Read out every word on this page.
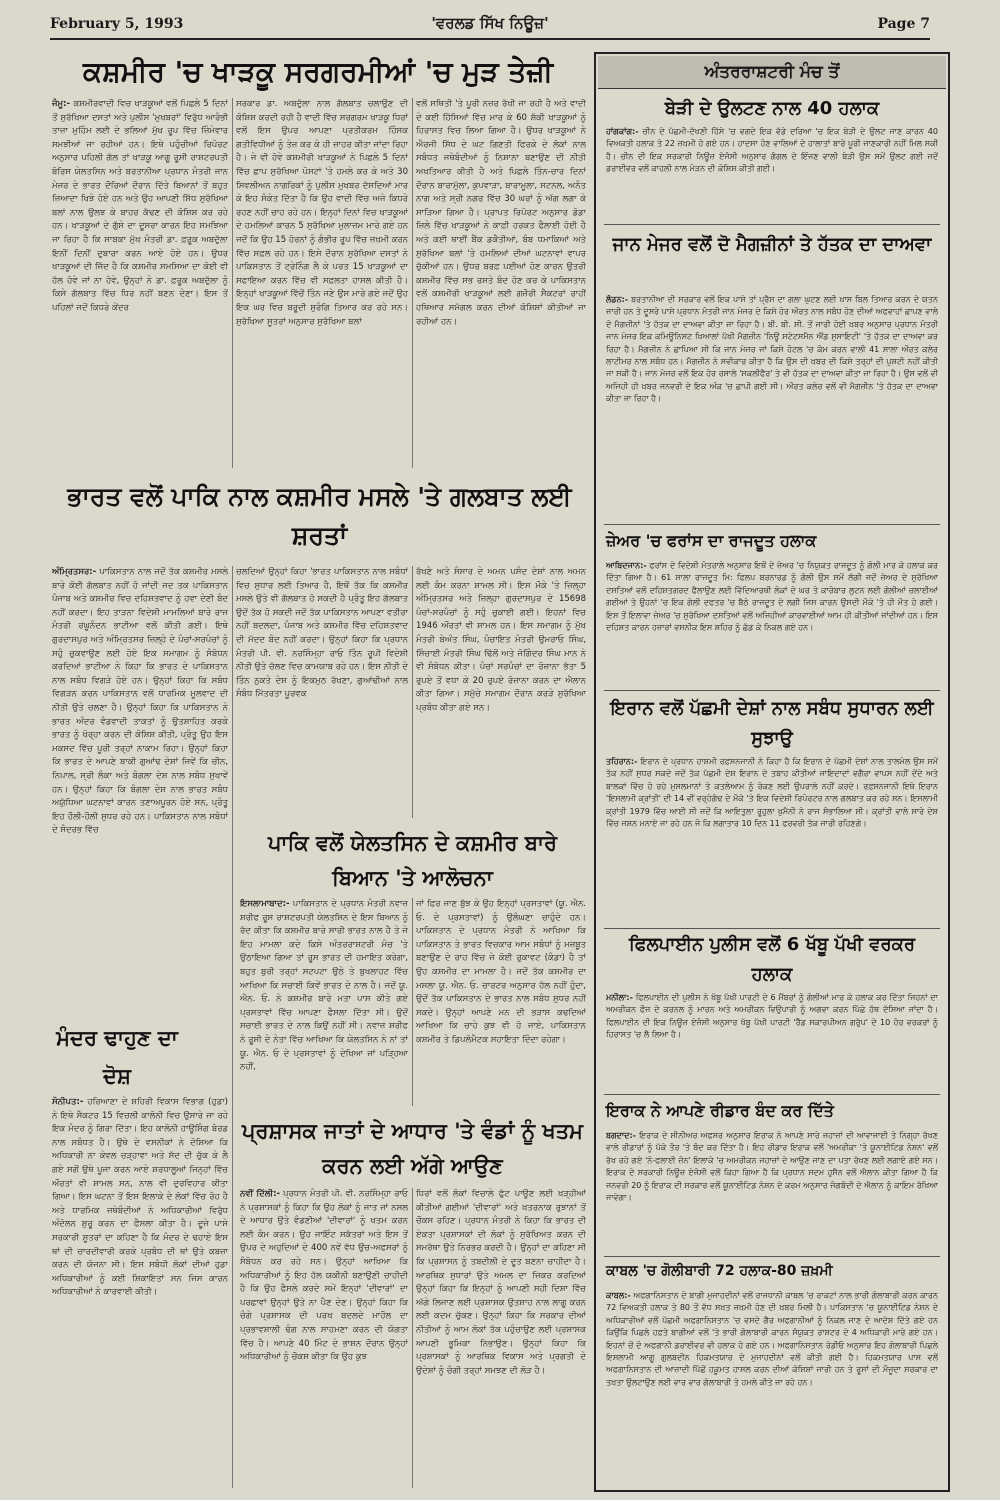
February 5, 1993	'ਵਰਲਡ ਸਿੱਖ ਨਿਊਜ਼'	Page 7
ਕਸ਼ਮੀਰ 'ਚ ਖਾੜਕੂ ਸਰਗਰਮੀਆਂ 'ਚ ਮੁੜ ਤੇਜ਼ੀ

ਜੰਮੂ:- ਕਸ਼ਮੀਰਵਾਦੀ ਵਿਚ ਖਾੜਕੂਆਂ ਵਲੋਂ ਪਿਛਲੇ 5 ਦਿਨਾਂ ਤੋਂ ਸੁਰੱਖਿਆ ਦਸਤਾਂ ਅਤੇ ਪੁਲੀਸ 'ਮੁਖਬਰਾਂ' ਵਿਰੁੱਧ ਆਰੰਭੀ ਤਾਜ਼ਾ ਮੁਹਿੰਮ ਲਈ ਦੇ ਭਲਿਆਂ ਮੁੱਖ ਰੂਪ ਵਿੱਚ ਜ਼ਿੰਮੇਵਾਰ ਸਮਝੀਆਂ ਜਾ ਰਹੀਆਂ ਹਨ। ਇਥੇ ਪਹੁੰਚੀਆਂ ਰਿਪੋਰਟ ਅਨੁਸਾਰ ਪਹਿਲੀ ਗੱਲ ਤਾਂ ਖਾੜਕੂ ਆਗੂ ਰੂਸੀ ਰਾਸ਼ਟਰਪਤੀ ਬੋਰਿਸ ਯੇਲਤਸਿਨ ਅਤੇ ਬਰਤਾਨੀਆ ਪ੍ਰਧਾਨ ਮੰਤਰੀ ਜਾਨ ਮੇਜਰ ਦੇ ਭਾਰਤ ਦੌਰਿਆਂ ਦੌਰਾਨ ਦਿੱਤੇ ਬਿਆਨਾਂ ਤੋਂ ਬਹੁਤ ਜ਼ਿਆਦਾ ਖਿਝੇ ਹੋਏ ਹਨ ਅਤੇ ਉਹ ਆਪਣੀ ਸਿੱਧ ਸੁਰੱਖਿਆ ਬਲਾਂ ਨਾਲ ਉਲਝ ਕੇ ਬਾਹਰ ਕੱਢਣ ਦੀ ਕੋਸ਼ਿਸ਼ ਕਰ ਰਹੇ ਹਨ। ਖਾੜਕੂਆਂ ਦੇ ਗੁੱਸੇ ਦਾ ਦੂਸਰਾ ਕਾਰਨ ਇਹ ਸਮਝਿਆ ਜਾ ਰਿਹਾ ਹੈ ਕਿ ਸਾਬਕਾ ਮੁੱਖ ਮੰਤਰੀ ਡਾ. ਫ਼ਰੂਕ ਅਬਦੁੱਲਾ ਇਨੀਂ ਦਿਨੀਂ ਦੁਬਾਰਾ ਕਰਨ ਆਏ ਹੋਏ ਹਨ। ਉਧਰ ਖਾੜਕੂਆਂ ਦੀ ਜਿੱਦ ਹੈ ਕਿ ਕਸ਼ਮੀਰ ਸਮਸਿਆ ਦਾ ਕੋਈ ਵੀ ਹੱਲ ਹੋਵੇ ਜਾਂ ਨਾ ਹੋਵੇ, ਉਨ੍ਹਾਂ ਨੇ ਡਾ. ਫ਼ਰੂਕ ਅਬਦੁੱਲਾ ਨੂੰ ਕਿਸੇ ਗੱਲਬਾਤ ਵਿੱਚ ਧਿਰ ਨਹੀਂ ਬਣਨ ਦੇਣਾ। ਇਸ ਤੋਂ ਪਹਿਲਾਂ ਜਦੋਂ ਕਿਧਰੇ ਕੇਂਦਰ

ਸਰਕਾਰ ਡਾ. ਅਬਦੁੱਲਾ ਨਾਲ ਗੱਲਬਾਤ ਚਲਾਉਣ ਦੀ ਕੋਸ਼ਿਸ਼ ਕਰਦੀ ਰਹੀ ਹੈ ਵਾਦੀ ਵਿੱਚ ਸਰਗਰਮ ਖਾੜਕੂ ਧਿਰਾਂ ਵਲੋਂ ਇਸ ਉਪਰ ਆਪਣਾ ਪ੍ਰਤੀਕਰਮ ਹਿੰਸਕ ਗਤੀਵਿਧੀਆਂ ਨੂੰ ਤੇਜ਼ ਕਰ ਕੇ ਹੀ ਜ਼ਾਹਰ ਕੀਤਾ ਜਾਂਦਾ ਰਿਹਾ ਹੈ। ਜੇ ਵੀ ਹੋਵੇ ਕਸ਼ਮੀਰੀ ਖਾੜਕੂਆਂ ਨੇ ਪਿਛਲੇ 5 ਦਿਨਾਂ ਵਿੱਚ ਛਾਪ ਸੁਰੱਖਿਆ ਪੋਸਟਾਂ 'ਤੇ ਹਮਲੇ ਕਰ ਕੇ ਅਤੇ 30 ਸਿਵਲੀਅਨ ਨਾਗਰਿਕਾਂ ਨੂੰ ਪੁਲੀਸ ਮੁਖਬਰ ਦੱਸਦਿਆਂ ਮਾਰ ਕੇ ਇਹ ਸੰਕੇਤ ਦਿੱਤਾ ਹੈ ਕਿ ਉਹ ਵਾਦੀ ਵਿੱਚ ਅਜੇ ਕਿਧਰੇ ਰਹਣ ਨਹੀਂ ਚਾਹ ਰਹੇ ਹਨ। ਇਨ੍ਹਾਂ ਦਿਨਾਂ ਵਿਚ ਖਾੜਕੂਆਂ ਦੇ ਹਮਲਿਆਂ ਕਾਰਨ 5 ਸੁਰੱਖਿਆ ਮੁਲਾਜ਼ਮ ਮਾਰੇ ਗਏ ਹਨ ਜਦੋਂ ਕਿ ਉਹ 15 ਹੋਰਨਾਂ ਨੂੰ ਗੰਭੀਰ ਰੂਪ ਵਿੱਚ ਜ਼ਖ਼ਮੀ ਕਰਨ ਵਿੱਚ ਸਫ਼ਲ ਰਹੇ ਹਨ। ਇਸੇ ਦੌਰਾਨ ਸੁਰੱਖਿਆ ਦਸਤਾਂ ਨੇ ਪਾਕਿਸਤਾਨ ਤੋਂ ਟ੍ਰੇਨਿੰਗ ਲੈ ਕੇ ਪਰਤ 15 ਖਾੜਕੂਆਂ ਦਾ ਸਫਾਇਆ ਕਰਨ ਵਿੱਚ ਵੀ ਸਫ਼ਲਤਾ ਹਾਸਲ ਕੀਤੀ ਹੈ। ਇਨ੍ਹਾਂ ਖਾੜਕੂਆਂ ਵਿੱਚੋਂ ਤਿੰਨ ਜਣੇ ਉਸ ਮਾਰੇ ਗਏ ਜਦੋਂ ਉਹ ਇਕ ਘਰ ਵਿਚ ਬਰੂਦੀ ਸੁਰੰਗਿ ਤਿਆਰ ਕਰ ਰਹੇ ਸਨ। ਸੁਰੱਖਿਆ ਸੂਤਰਾਂ ਅਨੁਸਾਰ ਸੁਰੱਖਿਆ ਬਲਾਂ

ਵਲੋਂ ਸਥਿਤੀ 'ਤੇ ਪੂਰੀ ਨਜ਼ਰ ਰੱਖੀ ਜਾ ਰਹੀ ਹੈ ਅਤੇ ਵਾਦੀ ਦੇ ਕਈ ਹਿੱਸਿਆਂ ਵਿੱਚ ਮਾਰ ਕੇ 60 ਸ਼ੱਕੀ ਖਾੜਕੂਆਂ ਨੂੰ ਹਿਰਾਸਤ ਵਿਚ ਲਿਆ ਗਿਆ ਹੈ। ਉਧਰ ਖਾੜਕੂਆਂ ਨੇ ਐਰਜੀ ਸਿੱਧ ਦੇ ਘਟ ਗਿਣਤੀ ਫਿਰਕੇ ਦੇ ਲੋਕਾਂ ਨਾਲ ਸਬੰਧਤ ਜਥੇਬੰਦੀਆਂ ਨੂੰ ਨਿਸ਼ਾਨਾ ਬਣਾਉਣ ਦੀ ਨੀਤੀ ਅਖਤਿਆਰ ਕੀਤੀ ਹੈ ਅਤੇ ਪਿਛਲੇ ਤਿੰਨ-ਚਾਰ ਦਿਨਾਂ ਦੌਰਾਨ ਬਾਰਾਮੁੱਲਾ, ਕੁਪਵਾੜਾ, ਬਾਰਾਮੂਲਾ, ਸਟਨਲ, ਅਨੰਤ ਨਾਗ ਅਤੇ ਸ੍ਰੀ ਨਗਰ ਵਿੱਚ 30 ਘਰਾਂ ਨੂੰ ਅੱਗ ਲਗਾ ਕੇ ਸਾੜਿਆ ਗਿਆ ਹੈ। ਪ੍ਰਾਪਤ ਰਿਪੋਰਟ ਅਨੁਸਾਰ ਡੋਡਾ ਜ਼ਿਲੇ ਵਿੱਚ ਖਾੜਕੂਆਂ ਨੇ ਕਾਫ਼ੀ ਹਰਕਤ ਫੈਲਾਈ ਹੋਈ ਹੈ ਅਤੇ ਕਈ ਥਾਈਂ ਬੈਂਕ ਡਕੈਤੀਆਂ, ਬੰਬ ਧਮਾਕਿਆਂ ਅਤੇ ਸੁਰੱਖਿਆ ਬਲਾਂ 'ਤੇ ਹਮਲਿਆਂ ਦੀਆਂ ਘਟਨਾਵਾਂ ਵਾਪਰ ਚੁੱਕੀਆਂ ਹਨ। ਉਧਰ ਬਰਫ਼ ਪਈਆਂ ਹੋਣ ਕਾਰਨ ਉਤਰੀ ਕਸ਼ਮੀਰ ਵਿੱਚ ਸਭ ਰਸਤੇ ਬੰਦ ਹੋਣ ਕਰ ਕੇ ਪਾਕਿਸਤਾਨ ਵਲੋਂ ਕਸ਼ਮੀਰੀ ਖਾੜਕੂਆਂ ਲਈ ਗਜ਼ੌਰੀ ਸੈਕਟਰਾਂ ਰਾਹੀਂ ਹਥਿਆਰ ਸਮੱਗਲ ਕਰਨ ਦੀਆਂ ਕੋਸ਼ਿਸ਼ਾਂ ਕੀਤੀਆਂ ਜਾ ਰਹੀਆਂ ਹਨ।

ਭਾਰਤ ਵਲੋਂ ਪਾਕਿ ਨਾਲ ਕਸ਼ਮੀਰ ਮਸਲੇ 'ਤੇ ਗਲਬਾਤ ਲਈ ਸ਼ਰਤਾਂ

ਅੰਮ੍ਰਿਤਸਰ:- ਪਾਕਿਸਤਾਨ ਨਾਲ ਜਦੋਂ ਤੱਕ ਕਸ਼ਮੀਰ ਮਸਲੇ ਬਾਰੇ ਕੋਈ ਗੱਲਬਾਤ ਨਹੀਂ ਹੋ ਜਾਂਦੀ ਜਦ ਤਕ ਪਾਕਿਸਤਾਨ ਪੰਜਾਬ ਅਤੇ ਕਸ਼ਮੀਰ ਵਿਚ ਦਹਿਸ਼ਤਵਾਦ ਨੂੰ ਹਵਾ ਦੇਣੀ ਬੰਦ ਨਹੀਂ ਕਰਦਾ। ਇਹ ਤਾੜਨਾ ਵਿਦੇਸ਼ੀ ਮਾਮਲਿਆਂ ਬਾਰੇ ਰਾਜ ਮੰਤਰੀ ਰਘੂਨੰਦਨ ਭਾਟੀਆ ਵਲੋਂ ਕੀਤੀ ਗਈ। ਇਥੇ ਗੁਰਦਾਸਪੁਰ ਅਤੇ ਅੰਮ੍ਰਿਤਸਰ ਜ਼ਿਲ੍ਹੇ ਦੇ ਪੰਚਾਂ-ਸਰਪੰਚਾਂ ਨੂੰ ਸਹੁੰ ਚੁਕਵਾਉਣ ਲਈ ਹੋਏ ਇਕ ਸਮਾਗਮ ਨੂੰ ਸੰਬੋਧਨ ਕਰਦਿਆਂ ਭਾਟੀਆ ਨੇ ਕਿਹਾ ਕਿ ਭਾਰਤ ਦੇ ਪਾਕਿਸਤਾਨ ਨਾਲ ਸਬੰਧ ਵਿਗੜੇ ਹੋਏ ਹਨ। ਉਨ੍ਹਾਂ ਕਿਹਾ ਕਿ ਸਬੰਧ ਵਿਗੜਨ ਕਰਨ ਪਾਕਿਸਤਾਨ ਵਲੋਂ ਧਾਰਮਿਕ ਮੂਲਵਾਦ ਦੀ ਨੀਤੀ ਉਤੇ ਚਲਣਾ ਹੈ। ਉਨ੍ਹਾਂ ਕਿਹਾ ਕਿ ਪਾਕਿਸਤਾਨ ਨੇ ਭਾਰਤ ਅੰਦਰ ਵੰਡਵਾਦੀ ਤਾਕਤਾਂ ਨੂੰ ਉਤਸ਼ਾਹਿਤ ਕਰਕੇ ਭਾਰਤ ਨੂੰ ਖੋਰ੍ਹਾ ਕਰਨ ਦੀ ਕੋਸ਼ਿਸ਼ ਕੀਤੀ, ਪ੍ਰੰਤੂ ਉਹ ਇਸ ਮਕਸਦ ਵਿੱਚ ਪੂਰੀ ਤਰ੍ਹਾਂ ਨਾਕਾਮ ਰਿਹਾ। ਉਨ੍ਹਾਂ ਕਿਹਾ ਕਿ ਭਾਰਤ ਦੇ ਆਪਣੇ ਬਾਕੀ ਗੁਆਂਢ ਦੇਸ਼ਾਂ ਜਿਵੇਂ ਕਿ ਚੀਨ, ਨਿਪਾਲ, ਸ੍ਰੀ ਲੰਕਾ ਅਤੇ ਬੰਗਲਾ ਦੇਸ਼ ਨਾਲ ਸਬੰਧ ਸੁਖਾਵੇਂ ਹਨ। ਉਨ੍ਹਾਂ ਕਿਹਾ ਕਿ ਬੰਗਲਾ ਦੇਸ਼ ਨਾਲ ਭਾਰਤ ਸਬੰਧ ਅਯੁੱਧਿਆ ਘਟਨਾਵਾਂ ਕਾਰਨ ਤਣਾਅਪੂਰਨ ਹੋਏ ਸਨ, ਪ੍ਰੰਤੂ ਇਹ ਹੌਲੀ-ਹੌਲੀ ਸੁਧਰ ਰਹੇ ਹਨ। ਪਾਕਿਸਤਾਨ ਨਾਲ ਸਬੰਧਾਂ ਦੇ ਸੰਦਰਭ ਵਿੱਚ

ਚਲਦਿਆਂ ਉਨ੍ਹਾਂ ਕਿਹਾ 'ਭਾਰਤ ਪਾਕਿਸਤਾਨ ਨਾਲ ਸਬੰਧਾਂ ਵਿਚ ਸੁਧਾਰ ਲਈ ਤਿਆਰ ਹੈ, ਇਥੋਂ ਤੱਕ ਕਿ ਕਸ਼ਮੀਰ ਮਸਲੇ ਉਤੇ ਵੀ ਗੱਲਬਾਤ ਹੋ ਸਕਦੀ ਹੈ ਪ੍ਰੰਤੂ ਇਹ ਗੱਲਬਾਤ ਉਦੋਂ ਤੱਕ ਹੋ ਸਕਦੀ ਜਦੋਂ ਤੱਕ ਪਾਕਿਸਤਾਨ ਆਪਣਾ ਵਤੀਰਾ ਨਹੀਂ ਬਦਲਦਾ, ਪੰਜਾਬ ਅਤੇ ਕਸ਼ਮੀਰ ਵਿੱਚ ਦਹਿਸ਼ਤਵਾਦ ਦੀ ਮੱਦਦ ਬੰਦ ਨਹੀਂ ਕਰਦਾ। ਉਨ੍ਹਾਂ ਕਿਹਾ ਕਿ ਪ੍ਰਧਾਨ ਮੰਤਰੀ ਪੀ. ਵੀ. ਨਰਸਿੰਮ੍ਹਾ ਰਾਓ ਤਿੰਨ ਰੂਪੀ ਵਿਦੇਸ਼ੀ ਨੀਤੀ ਉਤੇ ਚੱਲਣ ਵਿਚ ਕਾਮਯਾਬ ਰਹੇ ਹਨ। ਇਸ ਨੀਤੀ ਦੇ ਤਿੰਨ ਨੁਕਤੇ ਦੇਸ਼ ਨੂੰ ਇਕਮੁਠ ਰੱਖਣਾ, ਗੁਆਂਢੀਆਂ ਨਾਲ ਸੰਬੰਧ ਮਿੱਤਰਤਾ ਪੂਰਵਕ

ਰੱਖਣੇ ਅਤੇ ਸੰਸਾਰ ਦੇ ਅਮਨ ਪਸੰਦ ਦੇਸ਼ਾਂ ਨਾਲ ਅਮਨ ਲਈ ਕੰਮ ਕਰਨਾ ਸ਼ਾਮਲ ਸੀ। ਇਸ ਮੌਕੇ 'ਤੇ ਜ਼ਿਲ੍ਹਾ ਅੰਮ੍ਰਿਤਸਰ ਅਤੇ ਜ਼ਿਲ੍ਹਾ ਗੁਰਦਾਸਪੁਰ ਦੇ 15698 ਪੰਚਾਂ-ਸਰਪੰਚਾਂ ਨੂੰ ਸਹੁੰ ਚੁਕਾਈ ਗਈ। ਇਹਨਾਂ ਵਿਚ 1946 ਔਰਤਾਂ ਵੀ ਸ਼ਾਮਲ ਹਨ। ਇਸ ਸਮਾਗਮ ਨੂੰ ਮੁੱਖ ਮੰਤਰੀ ਬੇਅੰਤ ਸਿੰਘ, ਪੰਚਾਇਤ ਮੰਤਰੀ ਉਮਰਾਓ ਸਿੰਘ, ਸਿੰਚਾਈ ਮੰਤਰੀ ਸਿੰਘ ਢਿੱਲੋਂ ਅਤੇ ਜੋਗਿੰਦਰ ਸਿੰਘ ਮਾਨ ਨੇ ਵੀ ਸੰਬੋਧਨ ਕੀਤਾ। ਪੰਚਾਂ ਸਰਪੰਚਾਂ ਦਾ ਰੋਜ਼ਾਨਾ ਭੱਤਾ 5 ਰੁਪਏ ਤੋਂ ਵਧਾ ਕੇ 20 ਰੁਪਏ ਰੋਜ਼ਾਨਾ ਕਰਨ ਦਾ ਐਲਾਨ ਕੀਤਾ ਗਿਆ। ਸਮੁੱਚੇ ਸਮਾਗਮ ਦੌਰਾਨ ਕਰੜੇ ਸੁਰੱਖਿਆ ਪ੍ਰਬੰਧ ਕੀਤਾ ਗਏ ਸਨ।

ਪਾਕਿ ਵਲੋਂ ਯੇਲਤਸਿਨ ਦੇ ਕਸ਼ਮੀਰ ਬਾਰੇ ਬਿਆਨ 'ਤੇ ਆਲੋਚਨਾ

ਇਸਲਾਮਾਬਾਦ:- ਪਾਕਿਸਤਾਨ ਦੇ ਪ੍ਰਧਾਨ ਮੰਤਰੀ ਨਵਾਜ਼ ਸ਼ਰੀਫ ਰੂਸ ਰਾਸ਼ਟਰਪਤੀ ਯੇਲਤਸਿਨ ਦੇ ਇਸ ਬਿਆਨ ਨੂੰ ਰੱਦ ਕੀਤਾ ਕਿ ਕਸ਼ਮੀਰ ਬਾਰੇ ਸਾਰੀ ਭਾਰਤ ਨਾਲ ਹੈ ਤੇ ਜੇ ਇਹ ਮਾਮਲਾ ਕਦੇ ਕਿਸੇ ਅੰਤਰਰਾਸ਼ਟਰੀ ਮੰਚ 'ਤੇ ਉਠਾਇਆ ਗਿਆ ਤਾਂ ਰੂਸ ਭਾਰਤ ਦੀ ਹਮਾਇਤ ਕਰੇਗਾ, ਬਹੁਤ ਬੁਰੀ ਤਰ੍ਹਾਂ ਸਟਪਟਾ ਉਠੇ ਤੇ ਬੁਖਲਾਹਟ ਵਿੱਚ ਆਖਿਆ ਕਿ ਸਚਾਈ ਕਿਵੇਂ ਭਾਰਤ ਦੇ ਨਾਲ ਹੈ। ਜਦੋਂ ਯੂ. ਐਨ. ਓ. ਨੇ ਕਸ਼ਮੀਰ ਬਾਰੇ ਮਤਾ ਪਾਸ ਕੀਤੇ ਗਏ ਪ੍ਰਸਤਾਵਾਂ ਵਿੱਚ ਆਪਣਾ ਫੈਸਲਾ ਦਿੱਤਾ ਸੀ। ਉਦੋਂ ਸਚਾਈ ਭਾਰਤ ਦੇ ਨਾਲ ਕਿਉਂ ਨਹੀਂ ਸੀ। ਨਵਾਜ਼ ਸ਼ਰੀਫ ਨੇ ਰੂਸੀ ਦੇ ਨੇਤਾ ਵਿੱਚ ਆਖਿਆ ਕਿ ਯੇਲਤਸਿਨ ਨੇ ਨਾਂ ਤਾਂ ਯੂ. ਐਨ. ਓ ਦੇ ਪ੍ਰਸਤਾਵਾਂ ਨੂੰ ਦੇਖਿਆ ਜਾਂ ਪੜ੍ਹਿਆ ਨਹੀਂ,

ਜਾਂ ਫਿਰ ਜਾਣ ਬੁੱਝ ਕੇ ਉਹ ਇਨ੍ਹਾਂ ਪ੍ਰਸਤਾਵਾਂ (ਯੂ. ਐਨ. ਓ. ਦੇ ਪ੍ਰਸਤਾਵਾਂ) ਨੂੰ ਉਲੰਘਣਾ ਚਾਹੁੰਦੇ ਹਨ। ਪਾਕਿਸਤਾਨ ਦੇ ਪ੍ਰਧਾਨ ਮੰਤਰੀ ਨੇ ਆਖਿਆ ਕਿ ਪਾਕਿਸਤਾਨ ਤੇ ਭਾਰਤ ਵਿਚਕਾਰ ਆਮ ਸਬੰਧਾਂ ਨੂੰ ਮਜ਼ਬੂਤ ਬਣਾਉਣ ਦੇ ਰਾਹ ਵਿੱਚ ਜੇ ਕੋਈ ਰੁਕਾਵਟ (ਕੰਡਾ) ਹੈ ਤਾਂ ਉਹ ਕਸ਼ਮੀਰ ਦਾ ਮਾਮਲਾ ਹੈ। ਜਦੋਂ ਤੱਕ ਕਸ਼ਮੀਰ ਦਾ ਮਸਲਾ ਯੂ. ਐਨ. ਓ. ਚਾਰਟਰ ਅਨੁਸਾਰ ਹੱਲ ਨਹੀਂ ਹੁੰਦਾ, ਉਦੋਂ ਤੱਕ ਪਾਕਿਸਤਾਨ ਦੇ ਭਾਰਤ ਨਾਲ ਸਬੰਧ ਸੁਧਰ ਨਹੀਂ ਸਕਦੇ। ਉਨ੍ਹਾਂ ਆਪਣੇ ਮਨ ਦੀ ਭੜਾਸ ਕਢਦਿਆਂ ਆਖਿਆ ਕਿ ਚਾਹੇ ਕੁਝ ਵੀ ਹੋ ਜਾਏ, ਪਾਕਿਸਤਾਨ ਕਸ਼ਮੀਰ ਤੇ ਡਿਪਲੋਮੈਟਕ ਸਹਾਇਤਾ ਦਿੰਦਾ ਰਹੇਗਾ।

ਮੰਦਰ ਢਾਹੁਣ ਦਾ ਦੋਸ਼

ਸੋਨੀਪਤ:- ਹਰਿਆਣਾ ਦੇ ਸ਼ਹਿਰੀ ਵਿਕਾਸ ਵਿਭਾਗ (ਹੁਡਾ) ਨੇ ਇਥੇ ਸੈਕਟਰ 15 ਵਿਚਲੀ ਕਾਲੋਨੀ ਵਿਚ ਉਸਾਰੇ ਜਾ ਰਹੇ ਇਕ ਮੰਦਰ ਨੂੰ ਗਿਰਾ ਦਿੱਤਾ। ਇਹ ਕਾਲੋਨੀ ਹਾਊਸਿੰਗ ਬੋਰਡ ਨਾਲ ਸਬੰਧਤ ਹੈ। ਉਥੇ ਦੇ ਵਸਨੀਕਾਂ ਨੇ ਦੋਸ਼ਿਆ ਕਿ ਅਧਿਕਾਰੀ ਨਾ ਕੇਵਲ ਚੜ੍ਹਾਵਾ ਅਤੇ ਸੱਦ ਦੀ ਚੁੱਕ ਕੇ ਲੈ ਗਏ ਸਗੋਂ ਉਥੇ ਪੂਜਾ ਕਰਨ ਆਏ ਸ਼ਰਧਾਲੂਆਂ ਜਿਨ੍ਹਾਂ ਵਿੱਚ ਔਰਤਾਂ ਵੀ ਸ਼ਾਮਲ ਸਨ, ਨਾਲ ਵੀ ਦੁਰਵਿਹਾਰ ਕੀਤਾ ਗਿਆ। ਇਸ ਘਟਨਾ ਤੋਂ ਇਸ ਇਲਾਕੇ ਦੇ ਲੋਕਾਂ ਵਿੱਚ ਰੋਹ ਹੈ ਅਤੇ ਧਾਰਮਿਕ ਜਥੇਬੰਦੀਆਂ ਨੇ ਅਧਿਕਾਰੀਆਂ ਵਿਰੁੱਧ ਅੰਦੋਲਨ ਸ਼ੁਰੂ ਕਰਨ ਦਾ ਫੈਸਲਾ ਕੀਤਾ ਹੈ। ਦੂਜੇ ਪਾਸੇ ਸਰਕਾਰੀ ਸੂਤਰਾਂ ਦਾ ਕਹਿਣਾ ਹੈ ਕਿ ਮੰਦਰ ਦੇ ਢਹਾਏ ਇਸ ਥਾਂ ਦੀ ਚਾਰਦੀਵਾਰੀ ਕਰਕੇ ਪ੍ਰਬੰਧ ਦੀ ਥਾਂ ਉਤੇ ਕਬਜ਼ਾ ਕਰਨ ਦੀ ਯੋਜਨਾ ਸੀ। ਇਸ ਸਬੰਧੀ ਲੋਕਾਂ ਦੀਆਂ ਹੁਡਾ ਅਧਿਕਾਰੀਆਂ ਨੂੰ ਕਈ ਸ਼ਿਕਾਇਤਾਂ ਸਨ ਜਿਸ ਕਾਰਨ ਅਧਿਕਾਰੀਆਂ ਨੇ ਕਾਰਵਾਈ ਕੀਤੀ।

ਪ੍ਰਸ਼ਾਸਕ ਜਾਤਾਂ ਦੇ ਆਧਾਰ 'ਤੇ ਵੰਡਾਂ ਨੂੰ ਖਤਮ ਕਰਨ ਲਈ ਅੱਗੇ ਆਉਣ

ਨਵੀਂ ਦਿੱਲੀ:- ਪ੍ਰਧਾਨ ਮੰਤਰੀ ਪੀ. ਵੀ. ਨਰਸਿੰਮ੍ਹਾ ਰਾਓ ਨੇ ਪ੍ਰਸ਼ਾਸਕਾਂ ਨੂੰ ਕਿਹਾ ਕਿ ਉਹ ਲੋਕਾਂ ਨੂੰ ਜਾਤ ਜਾਂ ਨਸਲ ਦੇ ਆਧਾਰ ਉਤੇ ਵੰਡਣੀਆਂ 'ਦੀਵਾਰਾਂ' ਨੂੰ ਖਤਮ ਕਰਨ ਲਈ ਕੰਮ ਕਰਨ। ਉਹ ਜਾਇੰਟ ਸਕੱਤਰਾਂ ਅਤੇ ਇਸ ਤੋਂ ਉਪਰ ਦੇ ਅਹੁਦਿਆਂ ਦੇ 400 ਨਵੇਂ ਵੱਧ ਉਚ-ਅਫਸਰਾਂ ਨੂੰ ਸੰਬੋਧਨ ਕਰ ਰਹੇ ਸਨ। ਉਨ੍ਹਾਂ ਆਖਿਆ ਕਿ ਅਧਿਕਾਰੀਆਂ ਨੂੰ ਇਹ ਹੱਲ ਯਕੀਨੀ ਬਣਾਉਣੀ ਚਾਹੀਦੀ ਹੈ ਕਿ ਉਹ ਫੈਸਲੇ ਕਰਦੇ ਸਮੇਂ ਇਨ੍ਹਾਂ 'ਦੀਵਾਰਾਂ' ਦਾ ਪਰਛਾਵਾਂ ਉਨ੍ਹਾਂ ਉਤੇ ਨਾ ਪੈਣ ਦੇਣ। ਉਨ੍ਹਾਂ ਕਿਹਾ ਕਿ ਚੰਗੇ ਪ੍ਰਸ਼ਾਸਕ ਦੀ ਪਰਖ ਬਦਲਦੇ ਮਾਹੌਲ ਦਾ ਪ੍ਰਭਾਵਸ਼ਾਲੀ ਢੰਗ ਨਾਲ ਸਾਹਮਣਾ ਕਰਨ ਦੀ ਯੋਗਤਾ ਵਿੱਚ ਹੈ। ਆਪਣੇ 40 ਮਿੰਟ ਦੇ ਭਾਸ਼ਨ ਦੌਰਾਨ ਉਨ੍ਹਾਂ ਅਧਿਕਾਰੀਆਂ ਨੂੰ ਚੌਕਸ ਕੀਤਾ ਕਿ ਉਹ ਕੁਝ

ਧਿਰਾਂ ਵਲੋਂ ਲੋਕਾਂ ਵਿਚਾਲੇ ਫੁੱਟ ਪਾਊਣ ਲਈ ਖੜ੍ਹੀਆਂ ਕੀਤੀਆਂ ਗਈਆਂ 'ਦੀਵਾਰਾਂ' ਅਤੇ ਖਤਰਨਾਕ ਰੁਝਾਨਾਂ ਤੋਂ ਚੌਕਸ ਰਹਿਣ। ਪ੍ਰਧਾਨ ਮੰਤਰੀ ਨੇ ਕਿਹਾ ਕਿ ਭਾਰਤ ਦੀ ਏਕਤਾ ਪ੍ਰਸ਼ਾਸਕਾਂ ਦੀ ਲੋਕਾਂ ਨੂੰ ਸੁਰੱਖਿਅਤ ਕਰਨ ਦੀ ਸਮਰੱਥਾ ਉਤੇ ਨਿਰਭਰ ਕਰਦੀ ਹੈ। ਉਨ੍ਹਾਂ ਦਾ ਕਹਿਣਾ ਸੀ ਕਿ ਪ੍ਰਸ਼ਾਸਨ ਨੂੰ ਤਬਦੀਲੀ ਦੇ ਦੂਤ ਬਣਨਾ ਚਾਹੀਦਾ ਹੈ। ਆਰਥਿਕ ਸੁਧਾਰਾਂ ਉਤੇ ਅਮਲ ਦਾ ਜ਼ਿਕਰ ਕਰਦਿਆਂ ਉਨ੍ਹਾਂ ਕਿਹਾ ਕਿ ਇਨ੍ਹਾਂ ਨੂੰ ਆਪਣੀ ਸਹੀ ਦਿਸ਼ਾ ਵਿੱਚ ਅੱਗੇ ਲਿਜਾਣ ਲਈ ਪ੍ਰਸ਼ਾਸਕ ਉਤਸ਼ਾਹ ਨਾਲ ਲਾਗੂ ਕਰਨ ਲਈ ਕਦਮ ਚੁੱਕਣ। ਉਨ੍ਹਾਂ ਕਿਹਾ ਕਿ ਸਰਕਾਰ ਦੀਆਂ ਨੀਤੀਆਂ ਨੂੰ ਆਮ ਲੋਕਾਂ ਤੱਕ ਪਹੁੰਚਾਉਣ ਲਈ ਪ੍ਰਸ਼ਾਸਕ ਆਪਣੀ ਭੂਮਿਕਾ ਨਿਭਾਉਣ। ਉਨ੍ਹਾਂ ਕਿਹਾ ਕਿ ਪ੍ਰਸ਼ਾਸਕਾਂ ਨੂੰ ਆਰਥਿਕ ਵਿਕਾਸ ਅਤੇ ਪ੍ਰਗਤੀ ਦੇ ਉਦੇਸ਼ਾਂ ਨੂੰ ਚੰਗੀ ਤਰ੍ਹਾਂ ਸਮਝਣ ਦੀ ਲੋੜ ਹੈ।

ਅੰਤਰਰਾਸ਼ਟਰੀ ਮੰਚ ਤੋਂ
ਬੇੜੀ ਦੇ ਉਲਟਣ ਨਾਲ 40 ਹਲਾਕ

ਹਾਂਗਕਾਂਗ:- ਚੀਨ ਦੇ ਪੱਛਮੀ-ਦੱਖਣੀ ਹਿੱਸੇ 'ਚ ਵਗਦੇ ਇਕ ਵੱਡੇ ਦਰਿਆ 'ਚ ਇਕ ਬੇੜੀ ਦੇ ਉਲਟ ਜਾਣ ਕਾਰਨ 40 ਵਿਅਕਤੀ ਹਲਾਕ ਤੇ 22 ਜ਼ਖ਼ਮੀ ਹੋ ਗਏ ਹਨ। ਹਾਦਸਾ ਹੋਣ ਵਾਲਿਆਂ ਦੇ ਹਾਲਾਤਾਂ ਬਾਰੇ ਪੂਰੀ ਜਾਣਕਾਰੀ ਨਹੀਂ ਮਿਲ ਸਕੀ ਹੈ। ਚੀਨ ਦੀ ਇਕ ਸਰਕਾਰੀ ਨਿਊਜ਼ ਏਜੰਸੀ ਅਨੁਸਾਰ ਗੰਗਲ ਦੇ ਇੰਜਣ ਵਾਲੀ ਬੇੜੀ ਉਸ ਸਮੇਂ ਉਲਟ ਗਈ ਜਦੋਂ ਡਰਾਈਵਰ ਵਲੋਂ ਕਾਹਲੀ ਨਾਲ ਮੋੜਨ ਦੀ ਕੋਸ਼ਿਸ਼ ਕੀਤੀ ਗਈ।

ਜਾਨ ਮੇਜਰ ਵਲੋਂ ਦੋ ਮੈਗਜ਼ੀਨਾਂ ਤੇ ਹੱਤਕ ਦਾ ਦਾਅਵਾ

ਲੰਡਨ:- ਬਰਤਾਨੀਆ ਦੀ ਸਰਕਾਰ ਵਲੋਂ ਇਕ ਪਾਸੇ ਤਾਂ ਪ੍ਰੈਸ ਦਾ ਗਲਾ ਘੁਟਣ ਲਈ ਖਾਸ ਬਿਲ ਤਿਆਰ ਕਰਨ ਦੇ ਯਤਨ ਜਾਰੀ ਹਨ ਤੇ ਦੂਸਰੇ ਪਾਸੇ ਪ੍ਰਧਾਨ ਮੰਤਰੀ ਜਾਨ ਮੇਜਰ ਦੇ ਕਿਸੇ ਹੋਰ ਔਰਤ ਨਾਲ ਸਬੰਧ ਹੋਣ ਦੀਆਂ ਅਫਵਾਹਾਂ ਛਾਪਣ ਵਾਲੇ ਦੋ ਮੈਗਜ਼ੀਨਾਂ 'ਤੇ ਹੱਤਕ ਦਾ ਦਾਅਵਾ ਕੀਤਾ ਜਾ ਰਿਹਾ ਹੈ। ਬੀ. ਬੀ. ਸੀ. ਤੋਂ ਜਾਰੀ ਹੋਈ ਖ਼ਬਰ ਅਨੁਸਾਰ ਪ੍ਰਧਾਨ ਮੰਤਰੀ ਜਾਨ ਮੇਜਰ ਇਕ ਕਮਿਊਨਿਸਟ ਖਿਆਲਾਂ ਪੱਖੀ ਮੈਗਜ਼ੀਨ 'ਨਿਊ ਸਟੇਟਸਮੈਨ ਐਂਡ ਸੁਸਾਇਟੀ' 'ਤੇ ਹੱਤਕ ਦਾ ਦਾਅਵਾ ਕਰ ਰਿਹਾ ਹੈ। ਮੈਗਜ਼ੀਨ ਨੇ ਛਾਪਿਆ ਸੀ ਕਿ ਜਾਨ ਮੇਜਰ ਜਾਂ ਕਿਸੇ ਹੋਟਲ 'ਚ ਕੰਮ ਕਰਨ ਵਾਲੀ 41 ਸਾਲਾ ਔਰਤ ਕਲੇਰ ਲਾਟੀਮਰ ਨਾਲ ਸਬੰਧ ਹਨ। ਮੈਗਜ਼ੀਨ ਨੇ ਸਵੀਕਾਰ ਕੀਤਾ ਹੈ ਕਿ ਉਸ ਦੀ ਖ਼ਬਰ ਦੀ ਕਿਸੇ ਤਰ੍ਹਾਂ ਦੀ ਪੁਸ਼ਟੀ ਨਹੀਂ ਕੀਤੀ ਜਾ ਸਕੀ ਹੈ। ਜਾਨ ਮੇਜਰ ਵਲੋਂ ਇਕ ਹੋਰ ਰਸਾਲੇ 'ਸਕਲੀਫੈਰ' ਤੇ ਵੀ ਹੱਤਕ ਦਾ ਦਾਅਵਾ ਕੀਤਾ ਜਾ ਰਿਹਾ ਹੈ। ਉਸ ਵਲੋਂ ਵੀ ਅਜਿਹੀ ਹੀ ਖ਼ਬਰ ਜਨਵਰੀ ਦੇ ਇਕ ਅੰਕ 'ਚ ਛਾਪੀ ਗਈ ਸੀ। ਔਰਤ ਕਲੇਰ ਵਲੋਂ ਵੀ ਮੈਗਜ਼ੀਨ 'ਤੇ ਹੱਤਕ ਦਾ ਦਾਅਵਾ ਕੀਤਾ ਜਾ ਰਿਹਾ ਹੈ।

ਜ਼ੇਅਰ 'ਚ ਫਰਾਂਸ ਦਾ ਰਾਜਦੂਤ ਹਲਾਕ

ਆਬਿਦਜਾਨ:- ਫਰਾਂਸ ਦੇ ਵਿਦੇਸ਼ੀ ਮੰਤਰਾਲੇ ਅਨੁਸਾਰ ਇਥੋਂ ਦੇ ਜ਼ੇਅਰ 'ਚ ਨਿਯੁਕਤ ਰਾਜਦੂਤ ਨੂੰ ਗੋਲੀ ਮਾਰ ਕੇ ਹਲਾਕ ਕਰ ਦਿੱਤਾ ਗਿਆ ਹੈ। 61 ਸਾਲਾ ਰਾਜਦੂਤ ਮਿ: ਫਿਲਪ ਬਰਨਾਰਡ ਨੂੰ ਗੋਲੀ ਉਸ ਸਮੇਂ ਲੱਗੀ ਜਦੋਂ ਜ਼ੇਅਰ ਦੇ ਸੁਰੱਖਿਆ ਦਸਤਿਆਂ ਵਲੋਂ ਦਹਿਸ਼ਤਗਰਦ ਫੈਲਾਉਣ ਲਈ ਵਿੱਦਿਆਰਥੀ ਲੋਕਾਂ ਦੇ ਘਰ ਤੇ ਕਾਰੋਬਾਰ ਲੁਟਨ ਲਈ ਗੋਲੀਆਂ ਚਲਾਈਆਂ ਗਈਆਂ ਤੇ ਉਹਨਾਂ 'ਚ ਇਕ ਗੋਲੀ ਦਫਤਰ 'ਚ ਬੈਠੇ ਰਾਜਦੂਤ ਦੇ ਲਗੀ ਜਿਸ ਕਾਰਨ ਉਸਦੀ ਮੌਕੇ 'ਤੇ ਹੀ ਮੌਤ ਹੋ ਗਈ। ਇਸ ਤੋਂ ਇਲਾਵਾ ਜ਼ੇਅਰ 'ਚ ਸੁਰੱਖਿਆ ਦਸਤਿਆਂ ਵਲੋਂ ਅਜਿਹੀਆਂ ਕਾਰਵਾਈਆਂ ਆਮ ਹੀ ਕੀਤੀਆਂ ਜਾਂਦੀਆਂ ਹਨ। ਇਸ ਦਹਿਸ਼ਤ ਕਾਰਨ ਹਜ਼ਾਰਾਂ ਵਸਨੀਕ ਇਸ ਸ਼ਹਿਰ ਨੂੰ ਛੱਡ ਕੇ ਨਿਕਲ ਗਏ ਹਨ।

ਇਰਾਨ ਵਲੋਂ ਪੱਛਮੀ ਦੇਸ਼ਾਂ ਨਾਲ ਸਬੰਧ ਸੁਧਾਰਨ ਲਈ ਸੁਝਾਉ

ਤਹਿਰਾਨ:- ਇਰਾਨ ਦੇ ਪ੍ਰਧਾਨ ਹਾਸ਼ਮੀ ਰਫ਼ਸਨਜਾਨੀ ਨੇ ਕਿਹਾ ਹੈ ਕਿ ਇਰਾਨ ਦੇ ਪੱਛਮੀ ਦੇਸ਼ਾਂ ਨਾਲ ਤਾਲਮੇਲ ਉਸ ਸਮੇਂ ਤੱਕ ਨਹੀਂ ਸੁਧਰ ਸਕਦੇ ਜਦੋਂ ਤੱਕ ਪੱਛਮੀ ਦੇਸ਼ ਇਰਾਨ ਦੇ ਤਬਾਹ ਕੀਤੀਆਂ ਜਾਇਦਾਦਾਂ ਵਗੈਰਾ ਵਾਪਸ ਨਹੀਂ ਦੇਂਦੇ ਅਤੇ ਬਾਲਕਾਂ ਵਿੱਚ ਹੋ ਰਹੇ ਮੁਸਲਮਾਨਾਂ ਤੇ ਕਤਲੇਆਮ ਨੂੰ ਰੋਕਣ ਲਈ ਉਪਰਾਲੇ ਨਹੀਂ ਕਰਦੇ। ਰਫ਼ਸਨਜਾਨੀ ਇਥੇ ਇਰਾਨ 'ਇਸਲਾਮੀ ਕ੍ਰਾਂਤੀ' ਦੀ 14 ਵੀਂ ਵਰ੍ਹੇਗੰਢ ਦੇ ਮੌਕੇ 'ਤੇ ਇਕ ਵਿਦੇਸ਼ੀ ਰਿਪੋਰਟਰ ਨਾਲ ਗਲਬਾਤ ਕਰ ਰਹੇ ਸਨ। ਇਸਲਾਮੀ ਕ੍ਰਾਂਤੀ 1979 ਵਿੱਚ ਆਈ ਸੀ ਜਦੋਂ ਕਿ ਆਇਤੁਲਾ ਰੂਹੁਲਾ ਖੁਮੈਨੀ ਨੇ ਰਾਜ ਸੰਭਾਲਿਆ ਸੀ। ਕ੍ਰਾਂਤੀ ਵਾਲੇ ਸਾਰੇ ਦੇਸ਼ ਵਿੱਚ ਜਸ਼ਨ ਮਨਾਏ ਜਾ ਰਹੇ ਹਨ ਜੋ ਕਿ ਲਗਾਤਾਰ 10 ਦਿਨ 11 ਫਰਵਰੀ ਤੱਕ ਜਾਰੀ ਰਹਿਣਗੇ।

ਫਿਲਪਾਈਨ ਪੁਲੀਸ ਵਲੋਂ 6 ਖੱਬੂ ਪੱਖੀ ਵਰਕਰ ਹਲਾਕ

ਮਨੀਲਾ:- ਫਿਲਪਾਈਨ ਦੀ ਪੁਲੀਸ ਨੇ ਖੱਬੂ ਪੱਖੀ ਪਾਰਟੀ ਦੇ 6 ਮੈਂਬਰਾਂ ਨੂੰ ਗੋਲੀਆਂ ਮਾਰ ਕੇ ਹਲਾਕ ਕਰ ਦਿੱਤਾ ਜਿਹਨਾਂ ਦਾ ਅਮਰੀਕਨ ਫੌਜ ਦੇ ਕਰਨਲ ਨੂੰ ਮਾਰਨ ਅਤੇ ਅਮਰੀਕਨ ਵਿਉਪਾਰੀ ਨੂੰ ਅਗਵਾ ਕਰਨ ਪਿੱਛੇ ਹੱਥ ਦੱਸਿਆ ਜਾਂਦਾ ਹੈ। ਫਿਲਪਾਈਨ ਦੀ ਇਕ ਨਿਊਜ਼ ਏਜੰਸੀ ਅਨੁਸਾਰ ਖੱਬੂ ਪੱਖੀ ਪਾਰਟੀ 'ਰੈੱਡ ਸਕਾਰਪੀਅਨ ਗਰੁੱਪ' ਦੇ 10 ਹੋਰ ਵਰਕਰਾਂ ਨੂੰ ਹਿਰਾਸਤ 'ਚ ਲੈ ਲਿਆ ਹੈ।

ਇਰਾਕ ਨੇ ਆਪਣੇ ਰੀਡਾਰ ਬੰਦ ਕਰ ਦਿੱਤੇ

ਬਗਦਾਦ:- ਇਰਾਕ ਦੇ ਸੀਨੀਅਰ ਅਫਸਰ ਅਨੁਸਾਰ ਇਰਾਕ ਨੇ ਆਪਣੇ ਸਾਰੇ ਜਹਾਜ਼ਾਂ ਦੀ ਆਵਾਜਾਈ ਤੇ ਨਿਗ੍ਹਾ ਰੱਖਣ ਵਾਲੇ ਰੀਡਾਰਾਂ ਨੂੰ ਪੱਕੇ ਤੌਰ 'ਤੇ ਬੰਦ ਕਰ ਦਿੱਤਾ ਹੈ। ਇਹ ਰੀਡਾਰ ਇਰਾਕ ਵਲੋਂ 'ਅਮਰੀਕਾ 'ਤੇ ਯੂਨਾਈਟਿਡ ਨੇਸ਼ਨ' ਵਲੋਂ ਰੱਖ ਰਹੇ ਗਏ 'ਨੋ-ਫਲਾਈ ਜ਼ੋਨ' ਇਲਾਕੇ 'ਚ ਅਮਰੀਕਨ ਜਹਾਜ਼ਾਂ ਦੇ ਆਉਣ ਜਾਣ ਦਾ ਪਤਾ ਰੱਖਣ ਲਈ ਲਗਾਏ ਗਏ ਸਨ। ਇਰਾਕ ਦੇ ਸਰਕਾਰੀ ਨਿਊਜ਼ ਏਜੰਸੀ ਵਲੋਂ ਕਿਹਾ ਗਿਆ ਹੈ ਕਿ ਪ੍ਰਧਾਨ ਸਦਮ ਹੁਸੈਨ ਵਲੋਂ ਐਲਾਨ ਕੀਤਾ ਗਿਆ ਹੈ ਕਿ ਜਨਵਰੀ 20 ਨੂੰ ਇਰਾਕ ਦੀ ਸਰਕਾਰ ਵਲੋਂ ਯੂਨਾਈਟਿਡ ਨੇਸ਼ਨ ਦੇ ਕਰਮ ਅਨੁਸਾਰ ਜੰਗਬੰਦੀ ਦੇ ਐਲਾਨ ਨੂੰ ਕਾਇਮ ਰੱਖਿਆ ਜਾਵੇਗਾ।

ਕਾਬਲ 'ਚ ਗੋਲੀਬਾਰੀ 72 ਹਲਾਕ-80 ਜ਼ਖ਼ਮੀ

ਕਾਬਲ:- ਅਫਗਾਨਿਸਤਾਨ ਦੇ ਬਾਗੀ ਮੁਜਾਹਦੀਨਾਂ ਵਲੋਂ ਰਾਜਧਾਨੀ ਕਾਬਲ 'ਚ ਰਾਕਟਾਂ ਨਾਲ ਭਾਰੀ ਗੋਲਾਬਾਰੀ ਕਰਨ ਕਾਰਨ 72 ਵਿਅਕਤੀ ਹਲਾਕ ਤੇ 80 ਤੋਂ ਵੱਧ ਸਖ਼ਤ ਜ਼ਖ਼ਮੀ ਹੋਣ ਦੀ ਖ਼ਬਰ ਮਿਲੀ ਹੈ। ਪਾਕਿਸਤਾਨ 'ਚ ਯੂਨਾਈਟਿਡ ਨੇਸ਼ਨ ਦੇ ਅਧਿਕਾਰੀਆਂ ਵਲੋਂ ਪੱਛਮੀ ਅਫਗਾਨਿਸਤਾਨ 'ਚ ਵਸਦੇ ਗੈਰ ਅਫਗਾਨੀਆਂ ਨੂੰ ਨਿਕਲ ਜਾਣ ਦੇ ਆਦੇਸ਼ ਦਿੱਤੇ ਗਏ ਹਨ ਕਿਉਂਕਿ ਪਿਛਲੇ ਹਫ਼ਤੇ ਬਾਗੀਆਂ ਵਲੋਂ 'ਤੇ ਭਾਰੀ ਗੋਲਾਬਾਰੀ ਕਾਰਨ ਸੰਯੁਕਤ ਰਾਸ਼ਟਰ ਦੇ 4 ਅਧਿਕਾਰੀ ਮਾਰੇ ਗਏ ਹਨ। ਇਹਨਾਂ ਚੋਂ ਦੋ ਅਫਗਾਨੀ ਡਰਾਈਵਰ ਵੀ ਹਲਾਕ ਹੋ ਗਏ ਹਨ। ਅਫਗਾਨਿਸਤਾਨ ਰੇਡੀਓ ਅਨੁਸਾਰ ਇਹ ਗੋਲਾਬਾਰੀ ਪਿਛਲੇ ਇਸਲਾਮੀ ਆਗੂ ਗੁਲਬਦੀਨ ਹਿਕਮਤਯਾਰ ਦੇ ਮੁਜਾਹਦੀਨਾਂ ਵਲੋਂ ਕੀਤੀ ਗਈ ਹੈ। ਹਿਕਮਤਯਾਰ ਪਾਸ ਵਲੋਂ ਅਫਗਾਨਿਸਤਾਨ ਦੀ ਆਜ਼ਾਦੀ ਪਿੱਛੋਂ ਹਕੂਮਤ ਹਾਸਲ ਕਰਨ ਦੀਆਂ ਕੋਸ਼ਿਸ਼ਾਂ ਜਾਰੀ ਹਨ ਤੇ ਰੂਸਾਂ ਦੀ ਮੌਜੂਦਾ ਸਰਕਾਰ ਦਾ ਤਖ਼ਤਾ ਉਲਟਾਉਣ ਲਈ ਵਾਰ ਵਾਰ ਗੋਲਾਬਾਰੀ ਤੇ ਹਮਲੇ ਕੀਤੇ ਜਾ ਰਹੇ ਹਨ।
